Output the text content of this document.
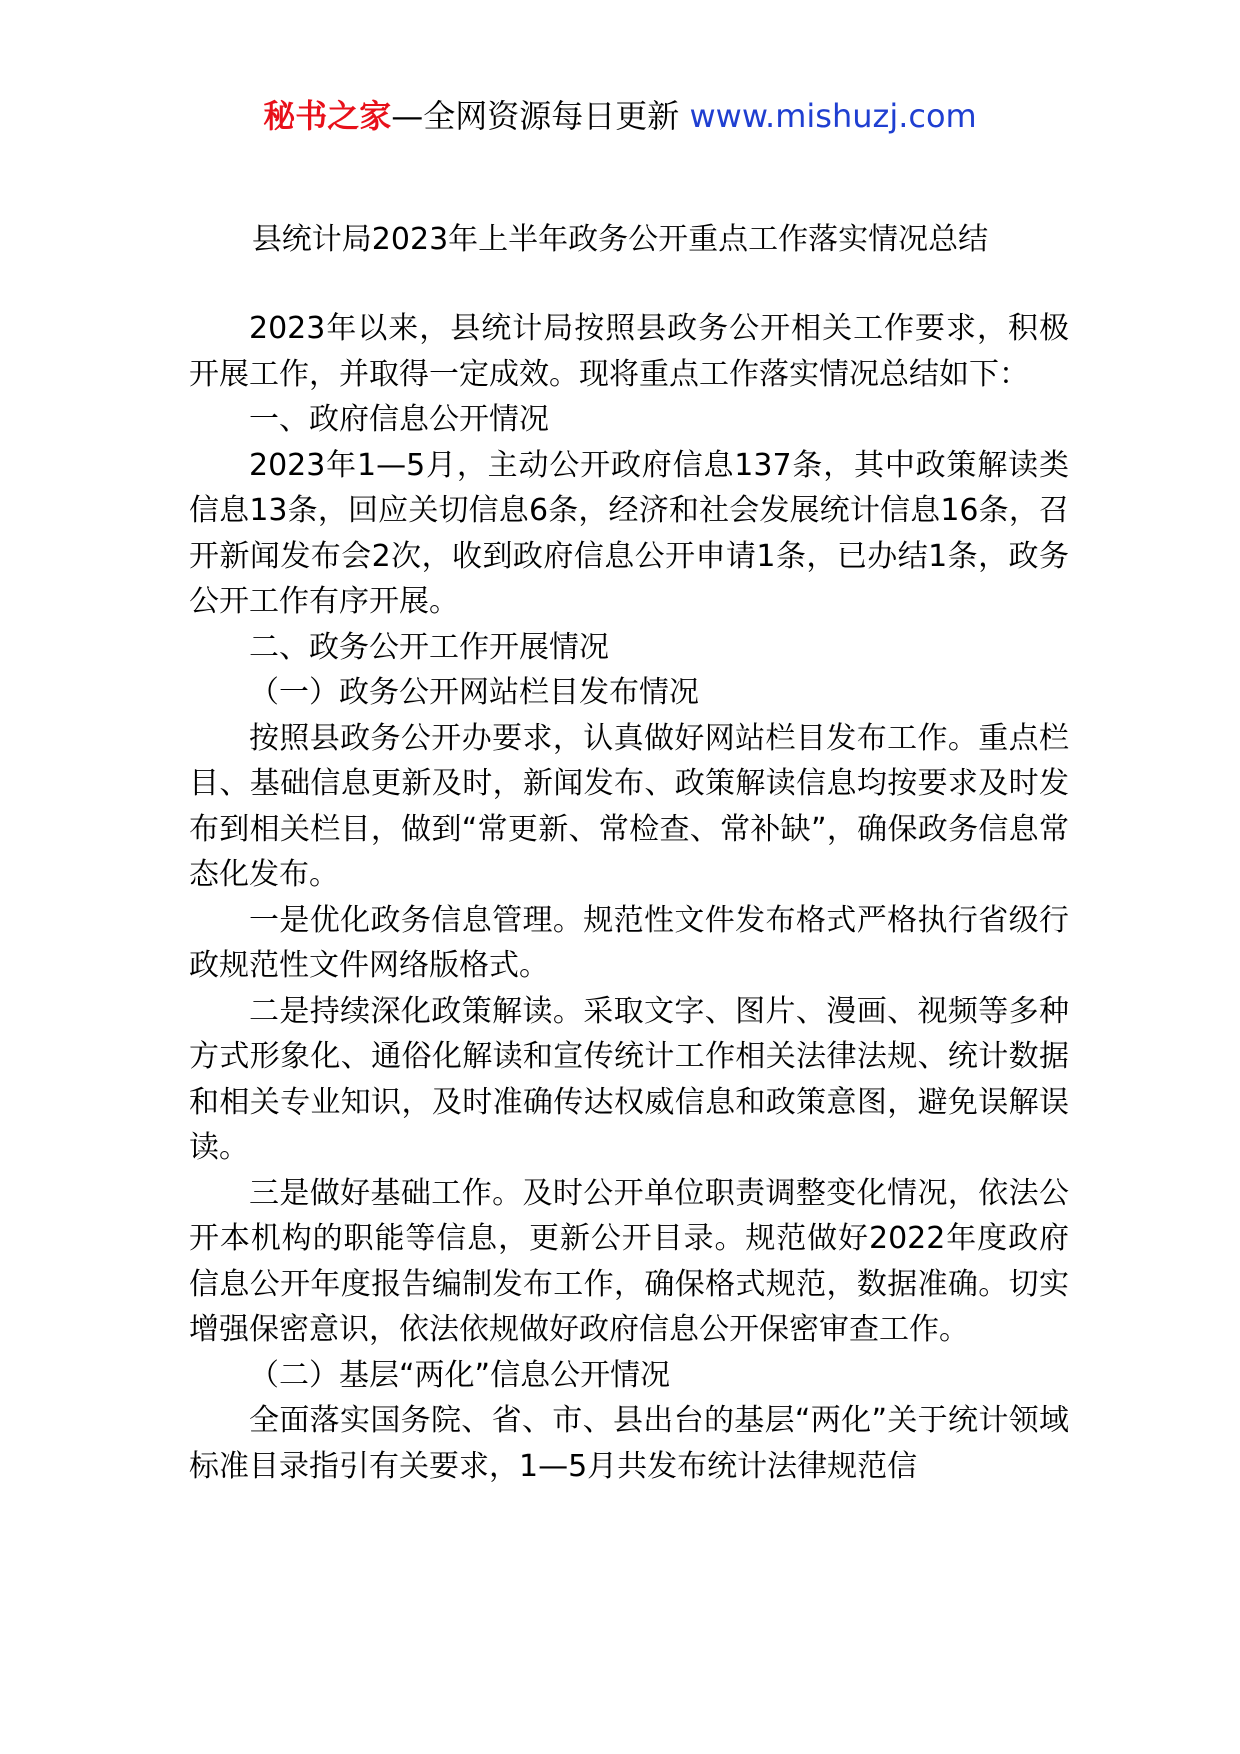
秘书之家—全网资源每日更新 www.mishuzj.com
县统计局2023年上半年政务公开重点工作落实情况总结

2023年以来，县统计局按照县政务公开相关工作要求，积极开展工作，并取得一定成效。现将重点工作落实情况总结如下：

一、政府信息公开情况

2023年1—5月，主动公开政府信息137条，其中政策解读类信息13条，回应关切信息6条，经济和社会发展统计信息16条，召开新闻发布会2次，收到政府信息公开申请1条，已办结1条，政务公开工作有序开展。

二、政务公开工作开展情况

（一）政务公开网站栏目发布情况

按照县政务公开办要求，认真做好网站栏目发布工作。重点栏目、基础信息更新及时，新闻发布、政策解读信息均按要求及时发布到相关栏目，做到“常更新、常检查、常补缺”，确保政务信息常态化发布。

一是优化政务信息管理。规范性文件发布格式严格执行省级行政规范性文件网络版格式。

二是持续深化政策解读。采取文字、图片、漫画、视频等多种方式形象化、通俗化解读和宣传统计工作相关法律法规、统计数据和相关专业知识，及时准确传达权威信息和政策意图，避免误解误读。

三是做好基础工作。及时公开单位职责调整变化情况，依法公开本机构的职能等信息，更新公开目录。规范做好2022年度政府信息公开年度报告编制发布工作，确保格式规范，数据准确。切实增强保密意识，依法依规做好政府信息公开保密审查工作。

（二）基层“两化”信息公开情况

全面落实国务院、省、市、县出台的基层“两化”关于统计领域标准目录指引有关要求，1—5月共发布统计法律规范信
